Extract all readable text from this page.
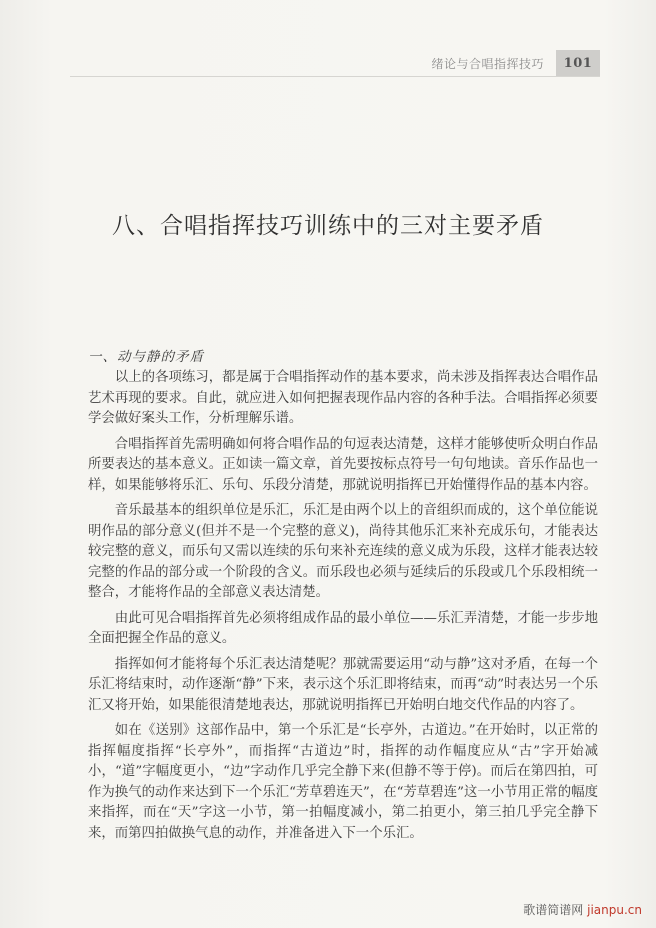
绪论与合唱指挥技巧	101
八、合唱指挥技巧训练中的三对主要矛盾
一、动与静的矛盾

以上的各项练习，都是属于合唱指挥动作的基本要求，尚未涉及指挥表达合唱作品艺术再现的要求。自此，就应进入如何把握表现作品内容的各种手法。合唱指挥必须要学会做好案头工作，分析理解乐谱。

合唱指挥首先需明确如何将合唱作品的句逗表达清楚，这样才能够使听众明白作品所要表达的基本意义。正如读一篇文章，首先要按标点符号一句句地读。音乐作品也一样，如果能够将乐汇、乐句、乐段分清楚，那就说明指挥已开始懂得作品的基本内容。

音乐最基本的组织单位是乐汇，乐汇是由两个以上的音组织而成的，这个单位能说明作品的部分意义(但并不是一个完整的意义)，尚待其他乐汇来补充成乐句，才能表达较完整的意义，而乐句又需以连续的乐句来补充连续的意义成为乐段，这样才能表达较完整的作品的部分或一个阶段的含义。而乐段也必须与延续后的乐段或几个乐段相统一整合，才能将作品的全部意义表达清楚。

由此可见合唱指挥首先必须将组成作品的最小单位——乐汇弄清楚，才能一步步地全面把握全作品的意义。

指挥如何才能将每个乐汇表达清楚呢？那就需要运用“动与静”这对矛盾，在每一个乐汇将结束时，动作逐渐“静”下来，表示这个乐汇即将结束，而再“动”时表达另一个乐汇又将开始，如果能很清楚地表达，那就说明指挥已开始明白地交代作品的内容了。

如在《送别》这部作品中，第一个乐汇是“长亭外，古道边。”在开始时，以正常的指挥幅度指挥“长亭外”，而指挥“古道边”时，指挥的动作幅度应从“古”字开始减小，“道”字幅度更小，“边”字动作几乎完全静下来(但静不等于停)。而后在第四拍，可作为换气的动作来达到下一个乐汇“芳草碧连天”，在“芳草碧连”这一小节用正常的幅度来指挥，而在“天”字这一小节，第一拍幅度减小，第二拍更小，第三拍几乎完全静下来，而第四拍做换气息的动作，并准备进入下一个乐汇。

歌谱简谱网 jianpu.cn
